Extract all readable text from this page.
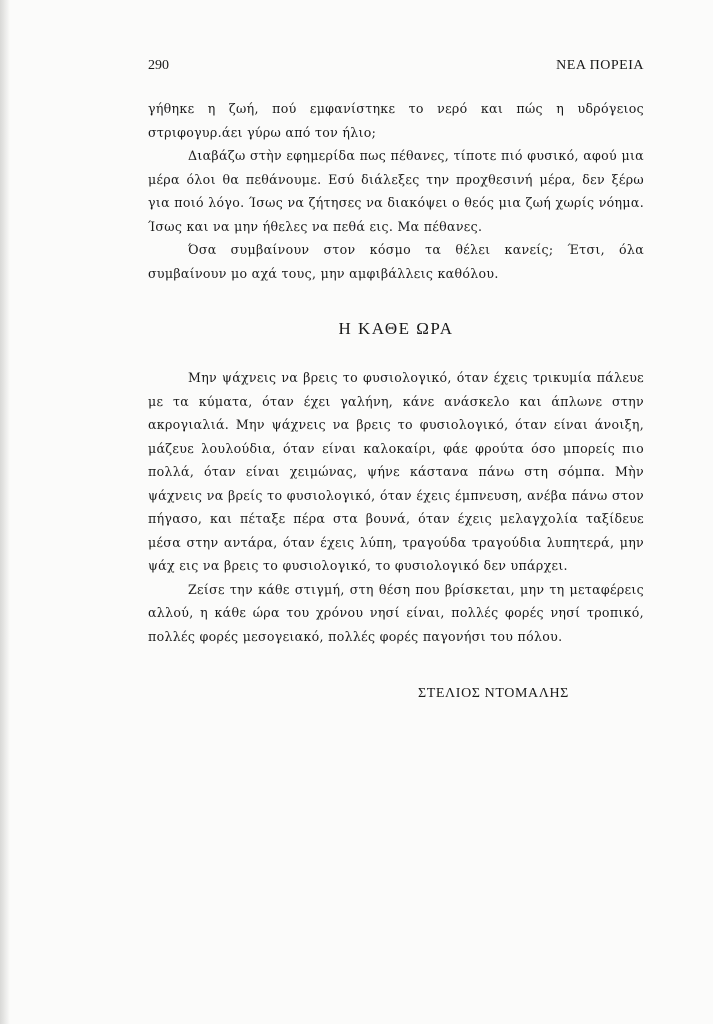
290	ΝΕΑ ΠΟΡΕΙΑ

γήθηκε η ζωή, πού εμφανίστηκε το νερό και πώς η υδρόγειος στριφογυρ.άει γύρω από τον ήλιο;

Διαβάζω στὴν εφημερίδα πως πέθανες, τίποτε πιό φυσικό, αφού μια μέρα όλοι θα πεθάνουμε. Εσύ διάλεξες την προχθεσινή μέρα, δεν ξέρω για ποιό λόγο. Ίσως να ζήτησες να διακόψει ο θεός μια ζωή χωρίς νόημα. Ίσως και να μην ήθελες να πεθά εις. Μα πέθανες.

Όσα συμβαίνουν στον κόσμο τα θέλει κανείς; Έτσι, όλα συμβαίνουν μο αχά τους, μην αμφιβάλλεις καθόλου.

Η ΚΑΘΕ ΩΡΑ

Μην ψάχνεις να βρεις το φυσιολογικό, όταν έχεις τρικυμία πάλευε με τα κύματα, όταν έχει γαλήνη, κάνε ανάσκελο και άπλωνε στην ακρογιαλιά. Μην ψάχνεις να βρεις το φυσιολογικό, όταν είναι άνοιξη, μάζευε λουλούδια, όταν είναι καλοκαίρι, φάε φρούτα όσο μπορείς πιο πολλά, όταν είναι χειμώνας, ψήνε κάστανα πάνω στη σόμπα. Μὴν ψάχνεις να βρείς το φυσιολογικό, όταν έχεις έμπνευση, ανέβα πάνω στον πήγασο, και πέταξε πέρα στα βουνά, όταν έχεις μελαγχολία ταξίδευε μέσα στην αντάρα, όταν έχεις λύπη, τραγούδα τραγούδια λυπητερά, μην ψάχ εις να βρεις το φυσιολογικό, το φυσιολογικό δεν υπάρχει.

Ζείσε την κάθε στιγμή, στη θέση που βρίσκεται, μην τη μεταφέρεις αλλού, η κάθε ώρα του χρόνου νησί είναι, πολλές φορές νησί τροπικό, πολλές φορές μεσογειακό, πολλές φορές παγονήσι του πόλου.

ΣΤΕΛΙΟΣ ΝΤΟΜΑΛΗΣ
